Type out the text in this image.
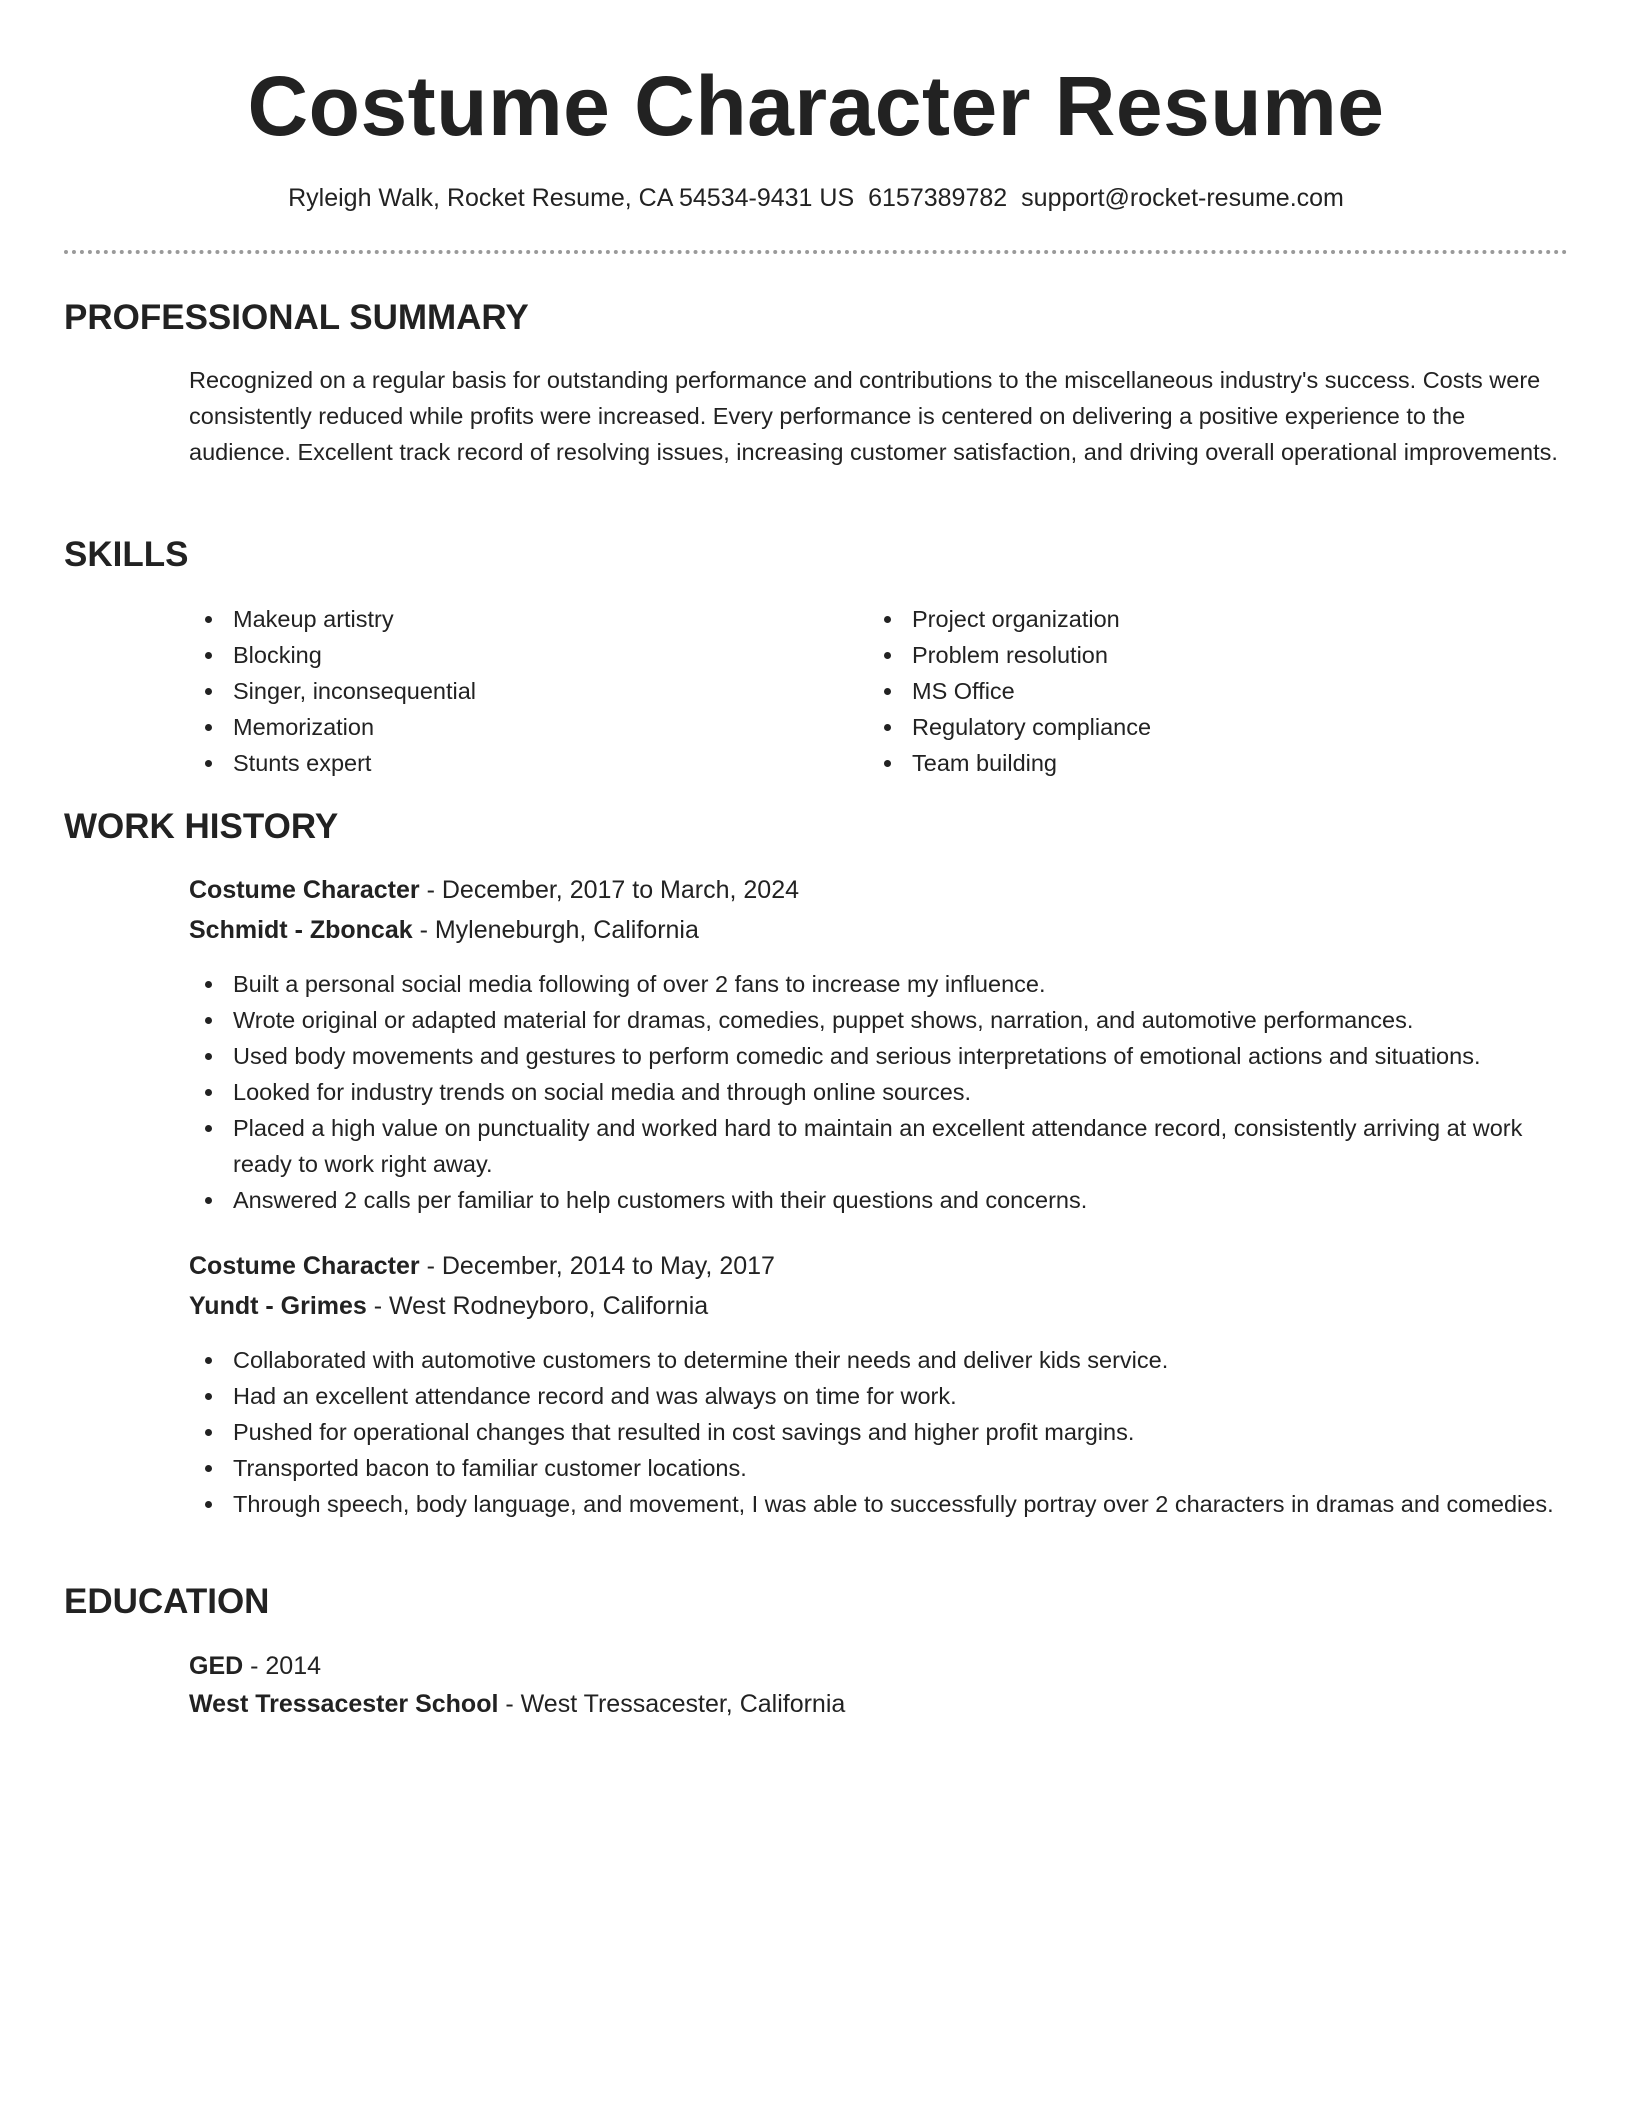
Costume Character Resume
Ryleigh Walk, Rocket Resume, CA 54534-9431 US 6157389782 support@rocket-resume.com
PROFESSIONAL SUMMARY

Recognized on a regular basis for outstanding performance and contributions to the miscellaneous industry's success. Costs were consistently reduced while profits were increased. Every performance is centered on delivering a positive experience to the audience. Excellent track record of resolving issues, increasing customer satisfaction, and driving overall operational improvements.

SKILLS
Makeup artistry
Blocking
Singer, inconsequential
Memorization
Stunts expert
Project organization
Problem resolution
MS Office
Regulatory compliance
Team building
WORK HISTORY
Costume Character - December, 2017 to March, 2024
Schmidt - Zboncak - Myleneburgh, California
Built a personal social media following of over 2 fans to increase my influence.
Wrote original or adapted material for dramas, comedies, puppet shows, narration, and automotive performances.
Used body movements and gestures to perform comedic and serious interpretations of emotional actions and situations.
Looked for industry trends on social media and through online sources.
Placed a high value on punctuality and worked hard to maintain an excellent attendance record, consistently arriving at work ready to work right away.
Answered 2 calls per familiar to help customers with their questions and concerns.
Costume Character - December, 2014 to May, 2017
Yundt - Grimes - West Rodneyboro, California
Collaborated with automotive customers to determine their needs and deliver kids service.
Had an excellent attendance record and was always on time for work.
Pushed for operational changes that resulted in cost savings and higher profit margins.
Transported bacon to familiar customer locations.
Through speech, body language, and movement, I was able to successfully portray over 2 characters in dramas and comedies.
EDUCATION
GED - 2014
West Tressacester School - West Tressacester, California
